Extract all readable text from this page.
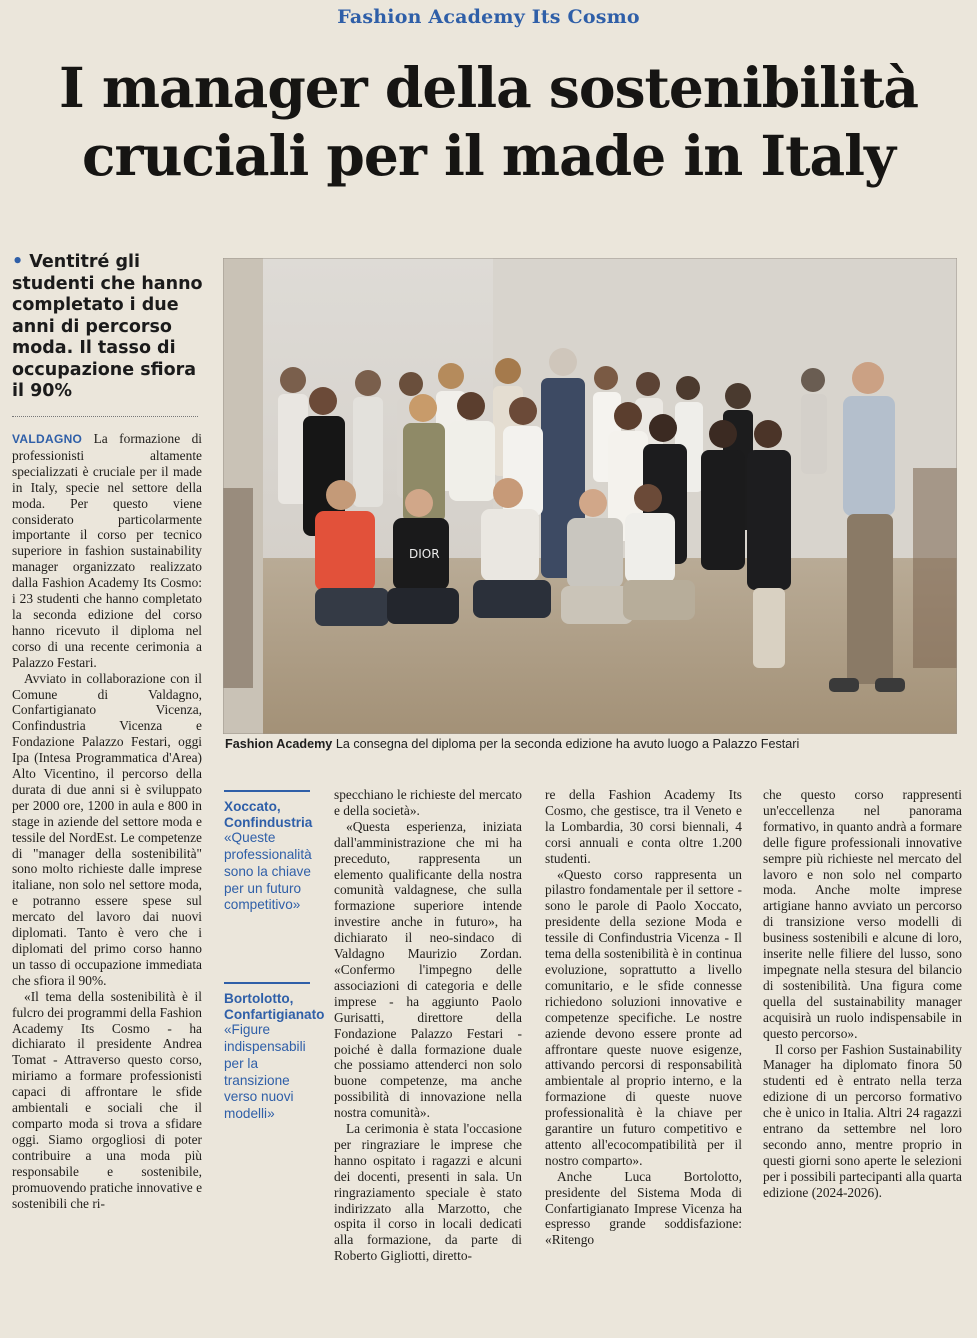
Fashion Academy Its Cosmo
I manager della sostenibilità
cruciali per il made in Italy
• Ventitré gli studenti che hanno completato i due anni di percorso moda. Il tasso di occupazione sfiora il 90%
DIOR
Fashion Academy La consegna del diploma per la seconda edizione ha avuto luogo a Palazzo Festari

VALDAGNO La formazione di professionisti altamente specializzati è cruciale per il made in Italy, specie nel settore della moda. Per questo viene considerato particolarmente importante il corso per tecnico superiore in fashion sustainability manager organizzato realizzato dalla Fashion Academy Its Cosmo: i 23 studenti che hanno completato la seconda edizione del corso hanno ricevuto il diploma nel corso di una recente cerimonia a Palazzo Festari.

Avviato in collaborazione con il Comune di Valdagno, Confartigianato Vicenza, Confindustria Vicenza e Fondazione Palazzo Festari, oggi Ipa (Intesa Programmatica d'Area) Alto Vicentino, il percorso della durata di due anni si è sviluppato per 2000 ore, 1200 in aula e 800 in stage in aziende del settore moda e tessile del NordEst. Le competenze di "manager della sostenibilità" sono molto richieste dalle imprese italiane, non solo nel settore moda, e potranno essere spese sul mercato del lavoro dai nuovi diplomati. Tanto è vero che i diplomati del primo corso hanno un tasso di occupazione immediata che sfiora il 90%.

«Il tema della sostenibilità è il fulcro dei programmi della Fashion Academy Its Cosmo - ha dichiarato il presidente Andrea Tomat - Attraverso questo corso, miriamo a formare professionisti capaci di affrontare le sfide ambientali e sociali che il comparto moda si trova a sfidare oggi. Siamo orgogliosi di poter contribuire a una moda più responsabile e sostenibile, promuovendo pratiche innovative e sostenibili che ri-

Xoccato, Confindustria
«Queste professionalità sono la chiave per un futuro competitivo»
Bortolotto, Confartigianato
«Figure indispensabili per la transizione verso nuovi modelli»

specchiano le richieste del mercato e della società».

«Questa esperienza, iniziata dall'amministrazione che mi ha preceduto, rappresenta un elemento qualificante della nostra comunità valdagnese, che sulla formazione superiore intende investire anche in futuro», ha dichiarato il neo-sindaco di Valdagno Maurizio Zordan. «Confermo l'impegno delle associazioni di categoria e delle imprese - ha aggiunto Paolo Gurisatti, direttore della Fondazione Palazzo Festari - poiché è dalla formazione duale che possiamo attenderci non solo buone competenze, ma anche possibilità di innovazione nella nostra comunità».

La cerimonia è stata l'occasione per ringraziare le imprese che hanno ospitato i ragazzi e alcuni dei docenti, presenti in sala. Un ringraziamento speciale è stato indirizzato alla Marzotto, che ospita il corso in locali dedicati alla formazione, da parte di Roberto Gigliotti, diretto-

re della Fashion Academy Its Cosmo, che gestisce, tra il Veneto e la Lombardia, 30 corsi biennali, 4 corsi annuali e conta oltre 1.200 studenti.

«Questo corso rappresenta un pilastro fondamentale per il settore - sono le parole di Paolo Xoccato, presidente della sezione Moda e tessile di Confindustria Vicenza - Il tema della sostenibilità è in continua evoluzione, soprattutto a livello comunitario, e le sfide connesse richiedono soluzioni innovative e competenze specifiche. Le nostre aziende devono essere pronte ad affrontare queste nuove esigenze, attivando percorsi di responsabilità ambientale al proprio interno, e la formazione di queste nuove professionalità è la chiave per garantire un futuro competitivo e attento all'ecocompatibilità per il nostro comparto».

Anche Luca Bortolotto, presidente del Sistema Moda di Confartigianato Imprese Vicenza ha espresso grande soddisfazione: «Ritengo

che questo corso rappresenti un'eccellenza nel panorama formativo, in quanto andrà a formare delle figure professionali innovative sempre più richieste nel mercato del lavoro e non solo nel comparto moda. Anche molte imprese artigiane hanno avviato un percorso di transizione verso modelli di business sostenibili e alcune di loro, inserite nelle filiere del lusso, sono impegnate nella stesura del bilancio di sostenibilità. Una figura come quella del sustainability manager acquisirà un ruolo indispensabile in questo percorso».

Il corso per Fashion Sustainability Manager ha diplomato finora 50 studenti ed è entrato nella terza edizione di un percorso formativo che è unico in Italia. Altri 24 ragazzi entrano da settembre nel loro secondo anno, mentre proprio in questi giorni sono aperte le selezioni per i possibili partecipanti alla quarta edizione (2024-2026).
